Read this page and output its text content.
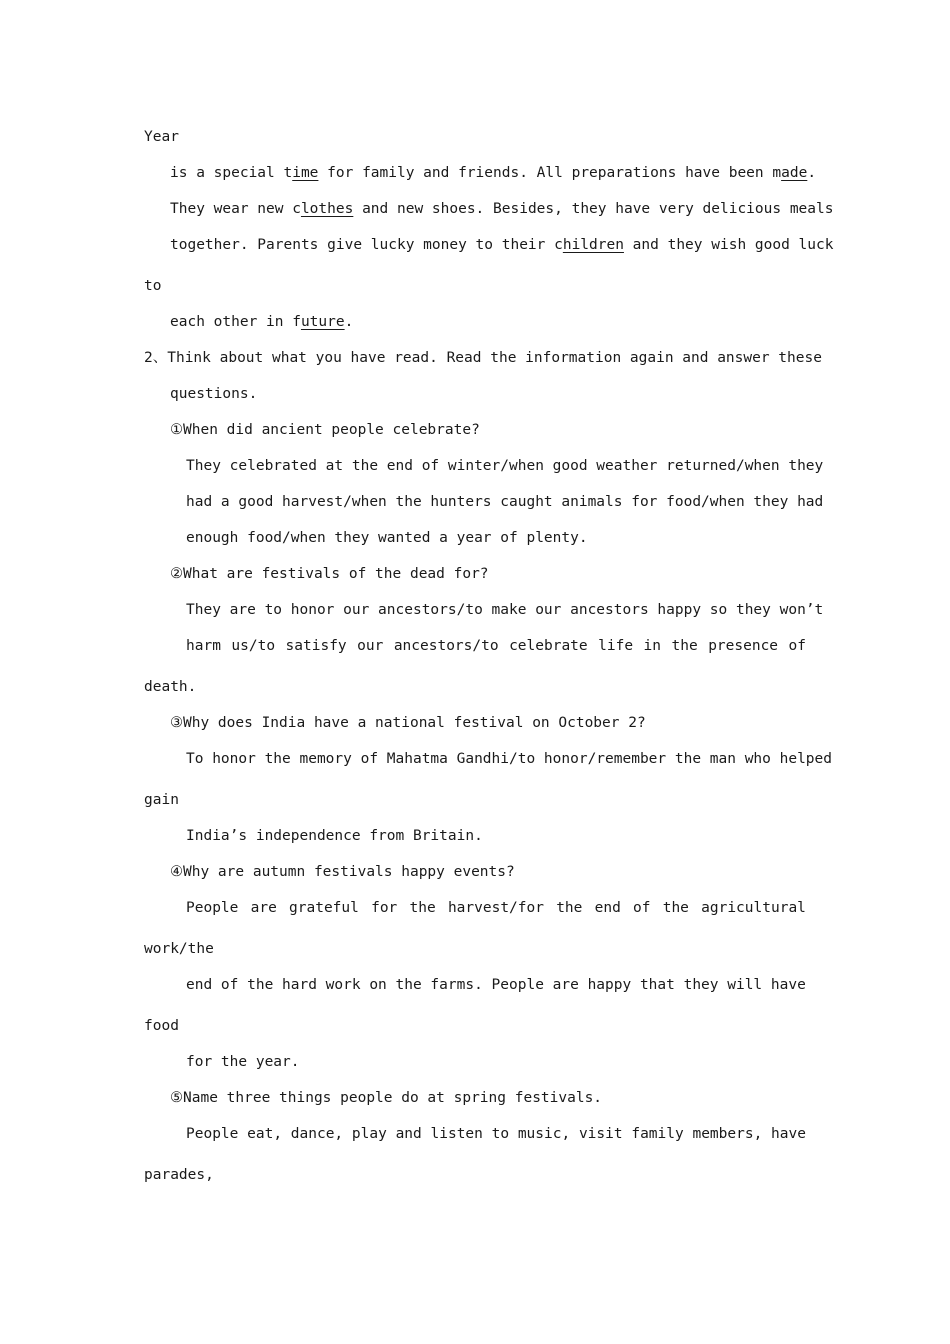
Year
is a special time for family and friends. All preparations have been made.
They wear new clothes and new shoes. Besides, they have very delicious meals
together. Parents give lucky money to their children and they wish good luck
to
each other in future.
2、Think about what you have read. Read the information again and answer these
questions.
①When did ancient people celebrate?
They celebrated at the end of winter/when good weather returned/when they
had a good harvest/when the hunters caught animals for food/when they had
enough food/when they wanted a year of plenty.
②What are festivals of the dead for?
They are to honor our ancestors/to make our ancestors happy so they won’t
harm us/to satisfy our ancestors/to celebrate life in the presence of
death.
③Why does India have a national festival on October 2?
To honor the memory of Mahatma Gandhi/to honor/remember the man who helped
gain
India’s independence from Britain.
④Why are autumn festivals happy events?
People are grateful for the harvest/for the end of the agricultural
work/the
end of the hard work on the farms. People are happy that they will have
food
for the year.
⑤Name three things people do at spring festivals.
People eat, dance, play and listen to music, visit family members, have
parades,
